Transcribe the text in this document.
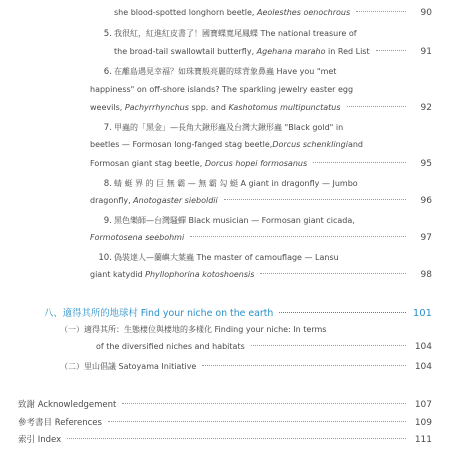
she blood-spotted longhorn beetle, Aeolesthes oenochrous	90
5. 我很紅，紅進紅皮書了！國寶蝶寬尾鳳蝶 The national treasure of
the broad-tail swallowtail butterfly, Agehana maraho in Red List	91
6. 在離島遇見幸福？如珠寶般亮麗的球背象鼻蟲 Have you "met
happiness" on off-shore islands? The sparkling jewelry easter egg
weevils, Pachyrrhynchus spp. and Kashotomus multipunctatus	92
7. 甲蟲的「黑金」—長角大鍬形蟲及台灣大鍬形蟲 "Black gold" in
beetles — Formosan long-fanged stag beetle, Dorcus schenklingi and
Formosan giant stag beetle, Dorcus hopei formosanus	95
8. 蜻 蜓 界 的 巨 無 霸 — 無 霸 勾 蜓 A giant in dragonfly — Jumbo
dragonfly, Anotogaster sieboldii	96
9. 黑色樂師—台灣騷蟬 Black musician — Formosan giant cicada,
Formotosena seebohmi	97
10. 偽裝達人—蘭嶼大葉蟲 The master of camouflage — Lansu
giant katydid Phyllophorina kotoshoensis	98
八、適得其所的地球村 Find your niche on the earth	101
（一）適得其所：生態棲位與棲地的多樣化 Finding your niche: In terms
of the diversified niches and habitats	104
（二）里山倡議 Satoyama Initiative	104
致謝 Acknowledgement	107
參考書目 References	109
索引 Index	111
